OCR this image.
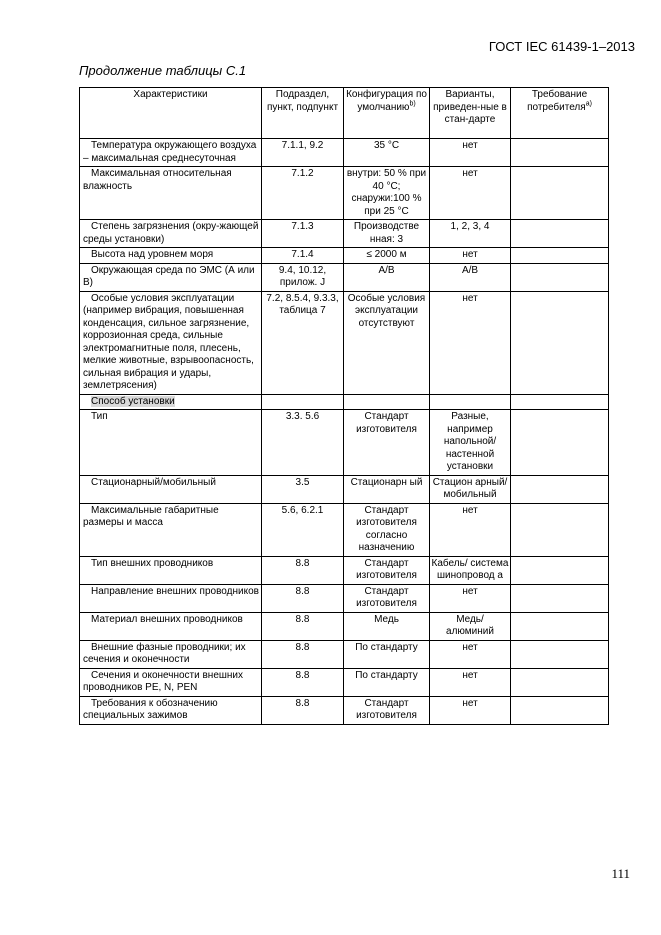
ГОСТ IEC 61439-1–2013
Продолжение таблицы С.1
Характеристики	Подраздел, пункт, подпункт	Конфигурация по умолчанию$^{b)}$	Варианты, приведен-ные в стан-дарте	Требование потребителя$^{a)}$
Температура окружающего воздуха – максимальная среднесуточная	7.1.1, 9.2	35 °С	нет	
Максимальная относительная влажность	7.1.2	внутри: 50 % при 40 °С; снаружи:100 % при 25 °С	нет	
Степень загрязнения (окру-жающей среды установки)	7.1.3	Производстве нная: 3	1, 2, 3, 4	
Высота над уровнем моря	7.1.4	≤ 2000 м	нет	
Окружающая среда по ЭМС (А или В)	9.4, 10.12, прилож. J	А/В	А/В	
Особые условия эксплуатации (например вибрация, повышенная конденсация, сильное загрязнение, коррозионная среда, сильные электромагнитные поля, плесень, мелкие животные, взрывоопасность, сильная вибрация и удары, землетрясения)	7.2, 8.5.4, 9.3.3, таблица 7	Особые условия эксплуатации отсутствуют	нет	
Способ установки				
Тип	3.3. 5.6	Стандарт изготовителя	Разные, например напольной/ настенной установки	
Стационарный/мобильный	3.5	Стационарн ый	Стацион арный/ мобильный	
Максимальные габаритные размеры и масса	5.6, 6.2.1	Стандарт изготовителя согласно назначению	нет	
Тип внешних проводников	8.8	Стандарт изготовителя	Кабель/ система шинопровод а	
Направление внешних проводников	8.8	Стандарт изготовителя	нет	
Материал внешних проводников	8.8	Медь	Медь/ алюминий	
Внешние фазные проводники; их сечения и оконечности	8.8	По стандарту	нет	
Сечения и оконечности внешних проводников PE, N, PEN	8.8	По стандарту	нет	
Требования к обозначению специальных зажимов	8.8	Стандарт изготовителя	нет	
111
